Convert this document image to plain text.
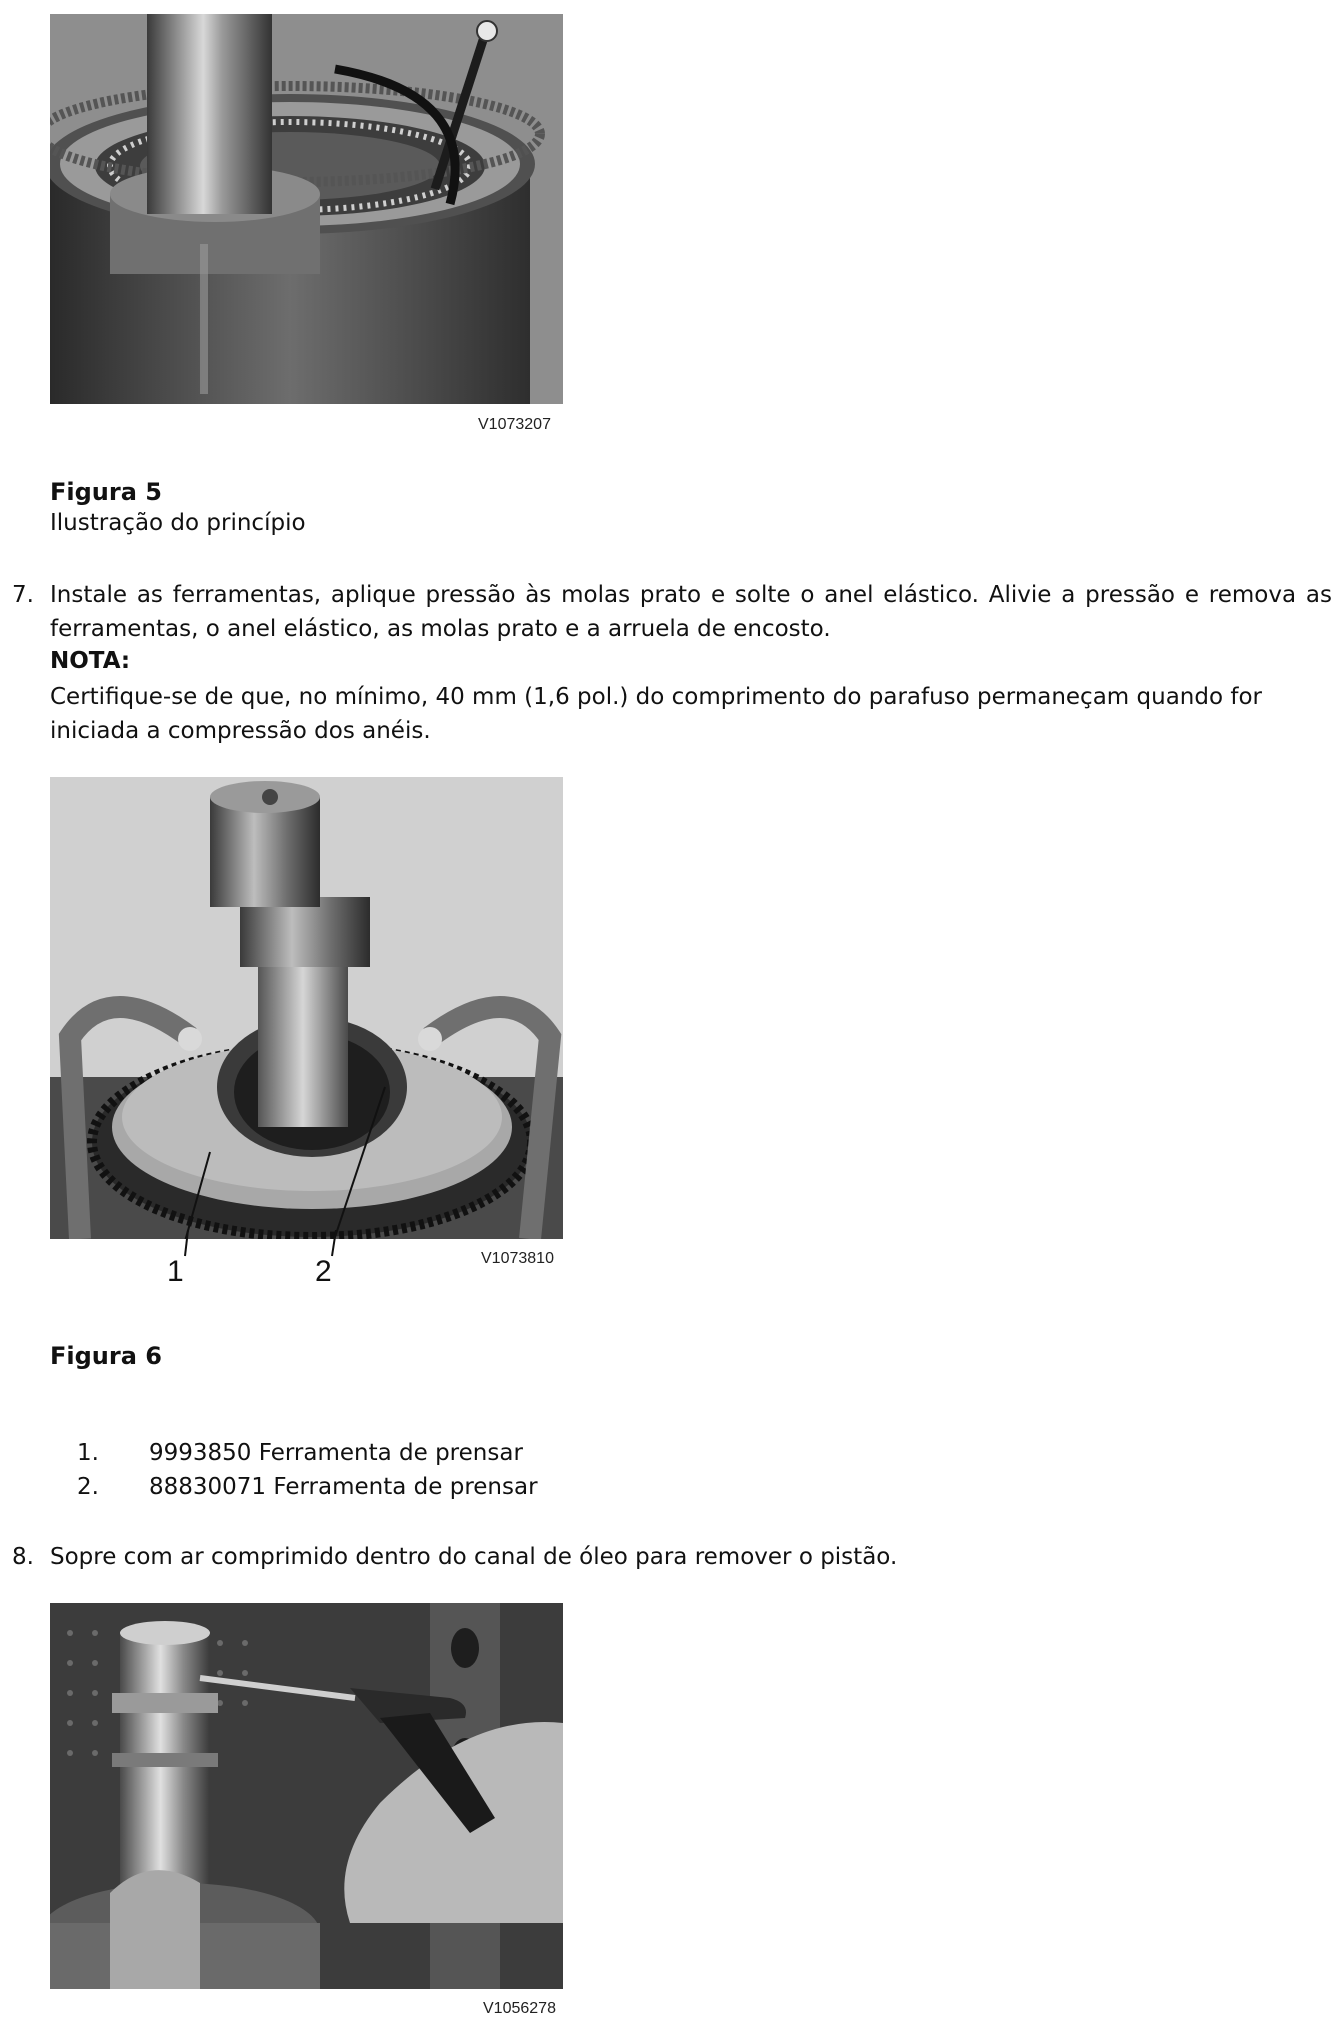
V1073207
Figura 5
Ilustração do princípio
7. Instale as ferramentas, aplique pressão às molas prato e solte o anel elástico. Alivie a pressão e remova as ferramentas, o anel elástico, as molas prato e a arruela de encosto.
NOTA:
Certifique-se de que, no mínimo, 40 mm (1,6 pol.) do comprimento do parafuso permaneçam quando for iniciada a compressão dos anéis.
1	2	V1073810
Figura 6
1. 9993850 Ferramenta de prensar
2. 88830071 Ferramenta de prensar
8. Sopre com ar comprimido dentro do canal de óleo para remover o pistão.
V1056278
